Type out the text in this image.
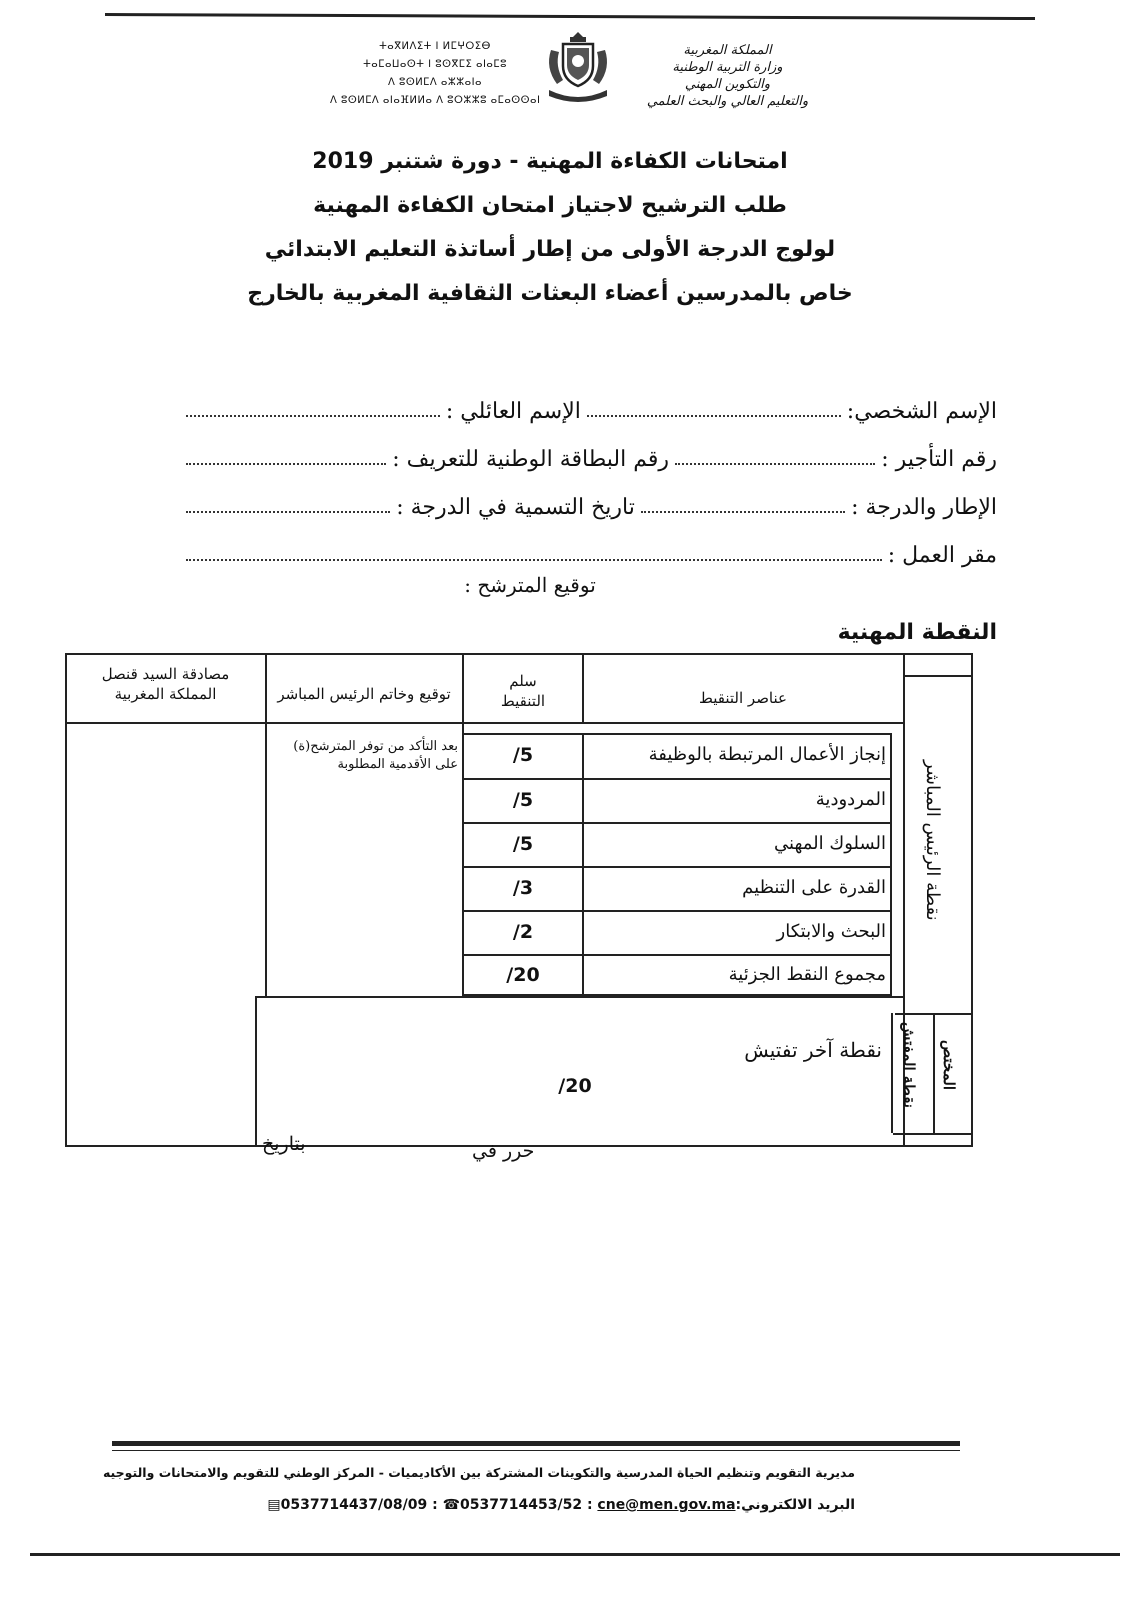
ⵜⴰⴳⵍⴷⵉⵜ ⵏ ⵍⵎⵖⵔⵉⴱ
ⵜⴰⵎⴰⵡⴰⵙⵜ ⵏ ⵓⵙⴳⵎⵉ ⴰⵏⴰⵎⵓ
ⴷ ⵓⵙⵍⵎⴷ ⴰⵣⵣⴰⵏⴰ
ⴷ ⵓⵙⵍⵎⴷ ⴰⵏⴰⴼⵍⵍⴰ ⴷ ⵓⵔⵣⵣⵓ ⴰⵎⴰⵙⵙⴰⵏ
المملكة المغربية
وزارة التربية الوطنية
والتكوين المهني
والتعليم العالي والبحث العلمي
امتحانات الكفاءة المهنية - دورة شتنبر 2019
طلب الترشيح لاجتياز امتحان الكفاءة المهنية
لولوج الدرجة الأولى من إطار أساتذة التعليم الابتدائي
خاص بالمدرسين أعضاء البعثات الثقافية المغربية بالخارج
الإسم الشخصي:
الإسم العائلي :
رقم التأجير :
رقم البطاقة الوطنية للتعريف :
الإطار والدرجة :
تاريخ التسمية في الدرجة :
مقر العمل :
توقيع المترشح :
النقطة المهنية
عناصر التنقيط
سلم
التنقيط
توقيع وخاتم الرئيس المباشر
مصادقة السيد قنصل
المملكة المغربية
إنجاز الأعمال المرتبطة بالوظيفة
/5
المردودية
/5
السلوك المهني
/5
القدرة على التنظيم
/3
البحث والابتكار
/2
مجموع النقط الجزئية
/20
بعد التأكد من توفر المترشح(ة)
على الأقدمية المطلوبة	نقطة الرئيس المباشر
نقطة المفتش المختص
نقطة آخر تفتيش
/20
حرر في
بتاريخ
مديرية التقويم وتنظيم الحياة المدرسية والتكوينات المشتركة بين الأكاديميات - المركز الوطني للتقويم والامتحانات والتوجيه
▤0537714437/08/09 : ☎0537714453/52 : cne@men.gov.maالبريد الالكتروني:
